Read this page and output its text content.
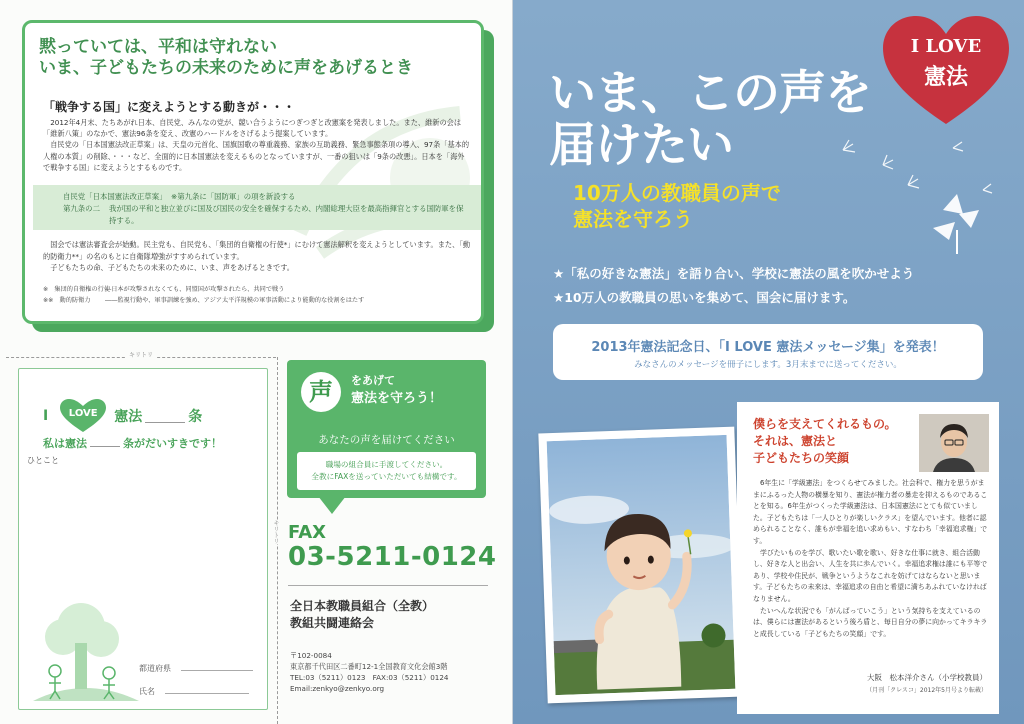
黙っていては、平和は守れない
いま、子どもたちの未来のために声をあげるとき
「戦争する国」に変えようとする動きが・・・

　2012年4月末、たちあがれ日本、自民党、みんなの党が、競い合うようにつぎつぎと改憲案を発表しました。また、維新の会は「維新八策」のなかで、憲法96条を変え、改憲のハードルをさげるよう提案しています。

　自民党の「日本国憲法改正草案」は、天皇の元首化、国旗国歌の尊重義務、家族の互助義務、緊急事態条項の導入、97条「基本的人権の本質」の削除、・・・など、全面的に日本国憲法を変えるものとなっていますが、一番の狙いは「9条の改悪」。日本を「海外で戦争する国」に変えようとするものです。

自民党「日本国憲法改正草案」 ※第九条に「国防軍」の項を新設する
第九条の二	我が国の平和と独立並びに国及び国民の安全を確保するため、内閣総理大臣を最高指揮官とする国防軍を保持する。

　国会では憲法審査会が始動。民主党も、自民党も、「集団的自衛権の行使*」にむけて憲法解釈を変えようとしています。また、「動的防衛力**」の名のもとに自衛隊増強がすすめられています。

　子どもたちの命、子どもたちの未来のために、いま、声をあげるときです。

※　集団的自衛権の行使
―日本が攻撃されなくても、同盟国が攻撃されたら、共同で戦う
※※　動的防衛力	――監視行動や、軍事訓練を強め、アジア太平洋規模の軍事活動により能動的な役割をはたす
キリトリ
キリトリ
I	LOVE	憲法	条
私は憲法	条がだいすきです！
ひとこと
都道府県
氏名
声	をあげて
憲法を守ろう！
あなたの声を届けてください
職場の組合員に手渡してください。
全教にFAXを送っていただいても結構です。
FAX
03-5211-0124
全日本教職員組合（全教）
教組共闘連絡会
〒102-0084
東京都千代田区二番町12-1全国教育文化会館3階
TEL:03（5211）0123　FAX:03（5211）0124
Email:zenkyo@zenkyo.org
いま、この声を
届けたい
I LOVE
憲法
10万人の教職員の声で
憲法を守ろう
★「私の好きな憲法」を語り合い、学校に憲法の風を吹かせよう
★10万人の教職員の思いを集めて、国会に届けます。
2013年憲法記念日、「I LOVE 憲法メッセージ集」を発表！
みなさんのメッセージを冊子にします。3月末までに送ってください。
僕らを支えてくれるもの。
それは、憲法と
子どもたちの笑顔

6年生に「学級憲法」をつくらせてみました。社会科で、権力を思うがままにふるった人物の横暴を知り、憲法が権力者の暴走を抑えるものであることを知る。6年生がつくった学級憲法は、日本国憲法にとても似ていました。子どもたちは「一人ひとりが楽しいクラス」を望んでいます。他者に認められることなく、誰もが幸福を追い求めもい、すなわち「幸福追求権」です。

学びたいものを学び、歌いたい歌を歌い、好きな仕事に就き、組合活動し、好きな人と出会い、人生を共に歩んでいく。幸福追求権は誰にも平等であり、学校や住民が、戦争というようなこれを妨げてはならないと思います。子どもたちの未来は、幸福追求の自由と希望に満ちあふれていなければなりません。

たいへんな状況でも「がんばっていこう」という気持ちを支えているのは、僕らには憲法があるという後ろ盾と、毎日自分の夢に向かってキラキラと成長している「子どもたちの笑顔」です。

大阪　松本洋介さん（小学校教員）
（月刊「クレスコ」2012年5月号より転載）
